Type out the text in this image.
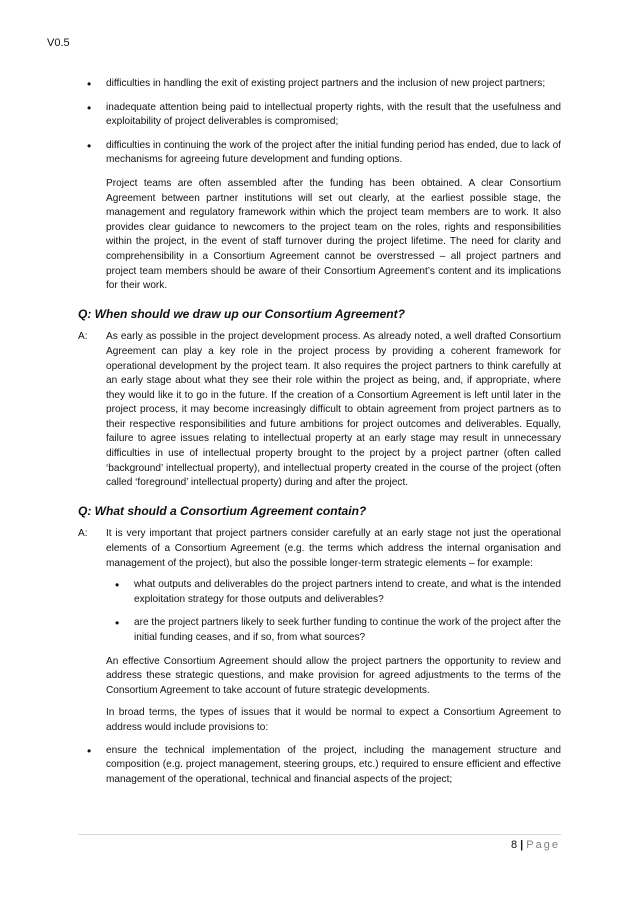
V0.5
• difficulties in handling the exit of existing project partners and the inclusion of new project partners;
• inadequate attention being paid to intellectual property rights, with the result that the usefulness and exploitability of project deliverables is compromised;
• difficulties in continuing the work of the project after the initial funding period has ended, due to lack of mechanisms for agreeing future development and funding options.

Project teams are often assembled after the funding has been obtained. A clear Consortium Agreement between partner institutions will set out clearly, at the earliest possible stage, the management and regulatory framework within which the project team members are to work. It also provides clear guidance to newcomers to the project team on the roles, rights and responsibilities within the project, in the event of staff turnover during the project lifetime. The need for clarity and comprehensibility in a Consortium Agreement cannot be overstressed – all project partners and project team members should be aware of their Consortium Agreement’s content and its implications for their work.

Q: When should we draw up our Consortium Agreement?
A: As early as possible in the project development process. As already noted, a well drafted Consortium Agreement can play a key role in the project process by providing a coherent framework for operational development by the project team. It also requires the project partners to think carefully at an early stage about what they see their role within the project as being, and, if appropriate, where they would like it to go in the future. If the creation of a Consortium Agreement is left until later in the project process, it may become increasingly difficult to obtain agreement from project partners as to their respective responsibilities and future ambitions for project outcomes and deliverables. Equally, failure to agree issues relating to intellectual property at an early stage may result in unnecessary difficulties in use of intellectual property brought to the project by a project partner (often called ‘background’ intellectual property), and intellectual property created in the course of the project (often called ‘foreground’ intellectual property) during and after the project.
Q: What should a Consortium Agreement contain?
A: It is very important that project partners consider carefully at an early stage not just the operational elements of a Consortium Agreement (e.g. the terms which address the internal organisation and management of the project), but also the possible longer-term strategic elements – for example:
• what outputs and deliverables do the project partners intend to create, and what is the intended exploitation strategy for those outputs and deliverables?
• are the project partners likely to seek further funding to continue the work of the project after the initial funding ceases, and if so, from what sources?

An effective Consortium Agreement should allow the project partners the opportunity to review and address these strategic questions, and make provision for agreed adjustments to the terms of the Consortium Agreement to take account of future strategic developments.

In broad terms, the types of issues that it would be normal to expect a Consortium Agreement to address would include provisions to:

• ensure the technical implementation of the project, including the management structure and composition (e.g. project management, steering groups, etc.) required to ensure efficient and effective management of the operational, technical and financial aspects of the project;
8 | Page
